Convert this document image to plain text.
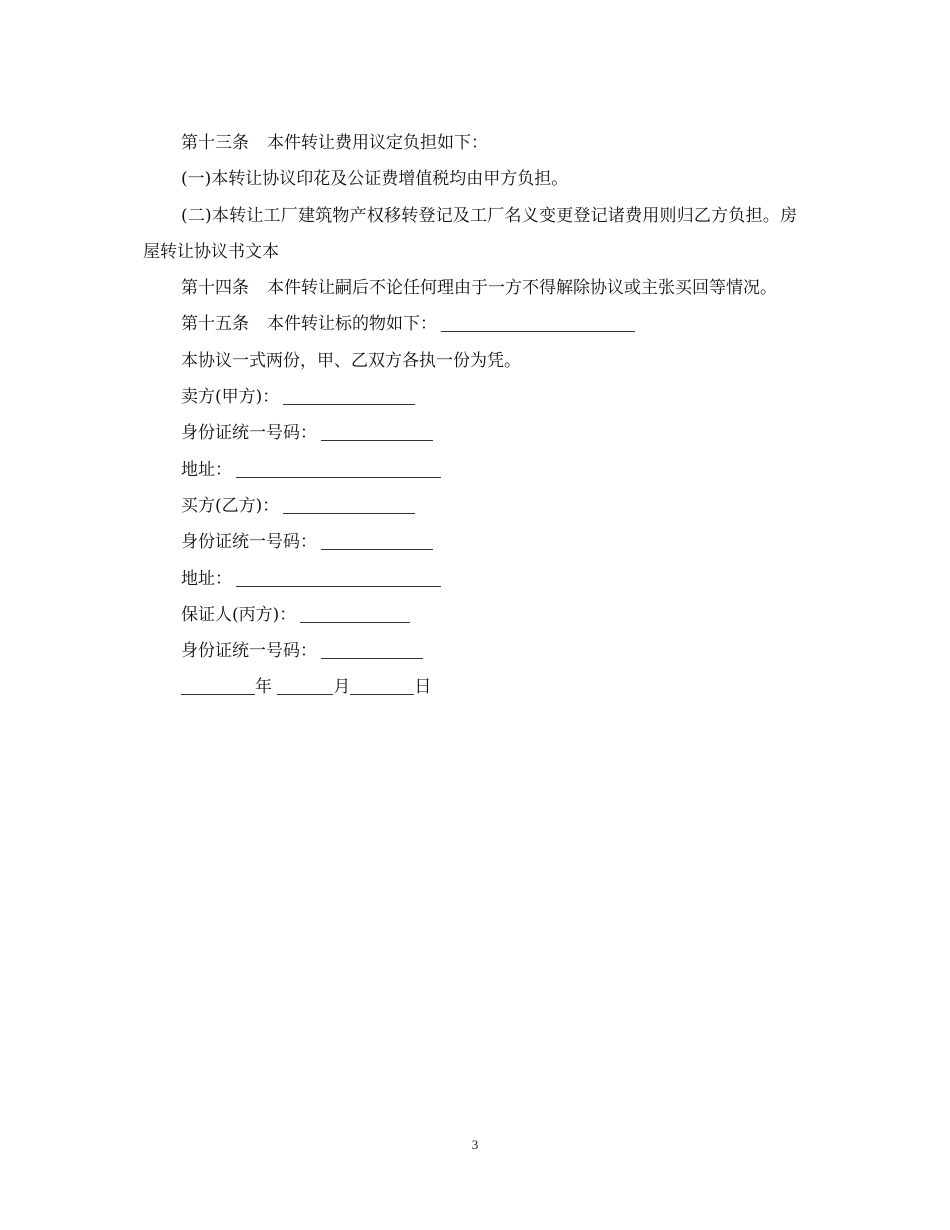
第十三条 本件转让费用议定负担如下：
(一)本转让协议印花及公证费增值税均由甲方负担。
(二)本转让工厂建筑物产权移转登记及工厂名义变更登记诸费用则归乙方负担。房屋转让协议书文本
第十四条 本件转让嗣后不论任何理由于一方不得解除协议或主张买回等情况。
第十五条 本件转让标的物如下：
本协议一式两份，甲、乙双方各执一份为凭。
卖方(甲方)：
身份证统一号码：
地址：
买方(乙方)：
身份证统一号码：
地址：
保证人(丙方)：
身份证统一号码：
年	月	日
3
